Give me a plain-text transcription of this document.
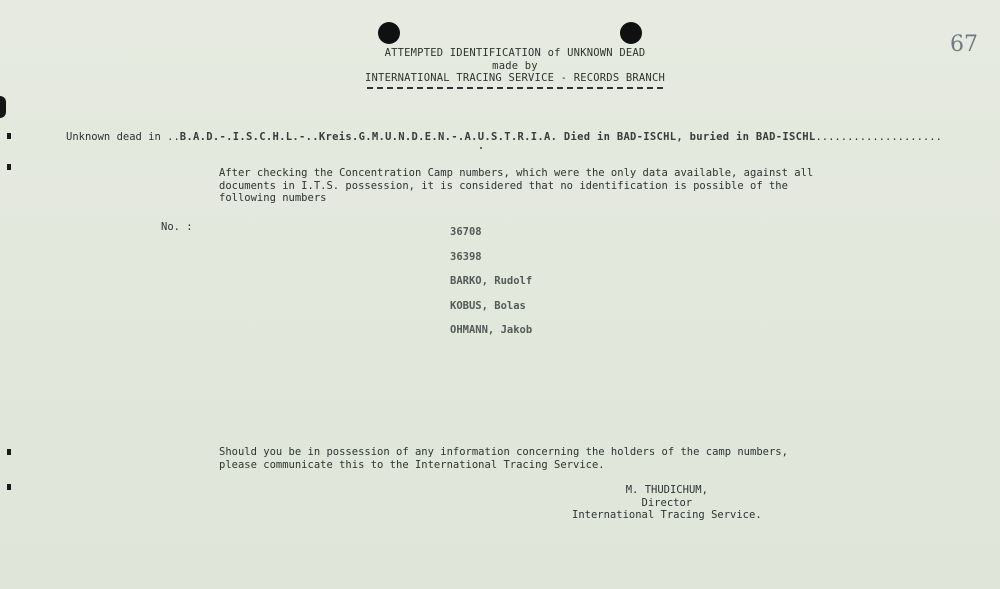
67
ATTEMPTED IDENTIFICATION of UNKNOWN DEAD
made by
INTERNATIONAL TRACING SERVICE - RECORDS BRANCH
Unknown dead in ..B.A.D.-.I.S.C.H.L.-..Kreis.G.M.U.N.D.E.N.-.A.U.S.T.R.I.A. Died in BAD-ISCHL, buried in BAD-ISCHL....................
After checking the Concentration Camp numbers, which were the only data available, against all documents in I.T.S. possession, it is considered that no identification is possible of the following numbers
No. :	36708
36398
BARKO, Rudolf
KOBUS, Bolas
OHMANN, Jakob
Should you be in possession of any information concerning the holders of the camp numbers, please communicate this to the International Tracing Service.
M. THUDICHUM,
Director
International Tracing Service.
